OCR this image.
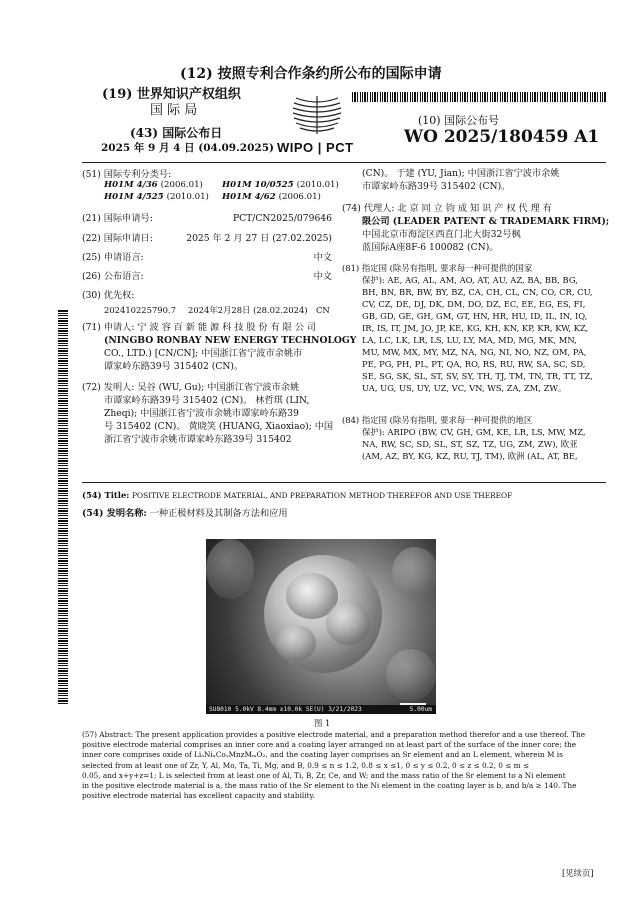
(12) 按照专利合作条约所公布的国际申请
(19) 世界知识产权组织
国 际 局
(43) 国际公布日
2025 年 9 月 4 日 (04.09.2025) WIPO | PCT
(10) 国际公布号
WO 2025/180459 A1
(51) 国际专利分类号:
H01M 4/36 (2006.01) H01M 10/0525 (2010.01)
H01M 4/525 (2010.01) H01M 4/62 (2006.01)
(21) 国际申请号:	PCT/CN2025/079646
(22) 国际申请日:	2025 年 2 月 27 日 (27.02.2025)
(25) 申请语言:	中文
(26) 公布语言:	中文
(30) 优先权:
202410225790.7 2024年2月28日 (28.02.2024) CN
(71) 申请人: 宁 波 容 百 新 能 源 科 技 股 份 有 限 公 司
(NINGBO RONBAY NEW ENERGY TECHNOLOGY
CO., LTD.) [CN/CN]; 中国浙江省宁波市余姚市
谭家岭东路39号 315402 (CN)。
(72) 发明人: 吴谷 (WU, Gu); 中国浙江省宁波市余姚
市谭家岭东路39号 315402 (CN)。 林哲琪 (LIN,
Zheqi); 中国浙江省宁波市余姚市谭家岭东路39
号 315402 (CN)。 黄晓笑 (HUANG, Xiaoxiao); 中国
浙江省宁波市余姚市谭家岭东路39号 315402
(CN)。 于建 (YU, Jian); 中国浙江省宁波市余姚
市谭家岭东路39号 315402 (CN)。
(74) 代理人: 北 京 同 立 钧 成 知 识 产 权 代 理 有
限公司 (LEADER PATENT & TRADEMARK FIRM);
中国北京市海淀区西直门北大街32号枫
蓝国际A座8F-6 100082 (CN)。
(81) 指定国 (除另有指明, 要求每一种可提供的国家
保护): AE, AG, AL, AM, AO, AT, AU, AZ, BA, BB, BG,
BH, BN, BR, BW, BY, BZ, CA, CH, CL, CN, CO, CR, CU,
CV, CZ, DE, DJ, DK, DM, DO, DZ, EC, EE, EG, ES, FI,
GB, GD, GE, GH, GM, GT, HN, HR, HU, ID, IL, IN, IQ,
IR, IS, IT, JM, JO, JP, KE, KG, KH, KN, KP, KR, KW, KZ,
LA, LC, LK, LR, LS, LU, LY, MA, MD, MG, MK, MN,
MU, MW, MX, MY, MZ, NA, NG, NI, NO, NZ, OM, PA,
PE, PG, PH, PL, PT, QA, RO, RS, RU, RW, SA, SC, SD,
SE, SG, SK, SL, ST, SV, SY, TH, TJ, TM, TN, TR, TT, TZ,
UA, UG, US, UY, UZ, VC, VN, WS, ZA, ZM, ZW。
(84) 指定国 (除另有指明, 要求每一种可提供的地区
保护): ARIPO (BW, CV, GH, GM, KE, LR, LS, MW, MZ,
NA, RW, SC, SD, SL, ST, SZ, TZ, UG, ZM, ZW), 欧亚
(AM, AZ, BY, KG, KZ, RU, TJ, TM), 欧洲 (AL, AT, BE,
(54) Title: POSITIVE ELECTRODE MATERIAL, AND PREPARATION METHOD THEREFOR AND USE THEREOF
(54) 发明名称: 一种正极材料及其制备方法和应用
SU8010 5.0kV 8.4mm x10.0k SE(U) 3/21/2023	5.00um
图 1
(57) Abstract: The present application provides a positive electrode material, and a preparation method therefor and a use thereof. The
positive electrode material comprises an inner core and a coating layer arranged on at least part of the surface of the inner core; the
inner core comprises oxide of LiₐNiₓCoᵧMnzMₘO₂, and the coating layer comprises an Sr element and an L element, wherein M is
selected from at least one of Zr, Y, Al, Mo, Ta, Ti, Mg, and B, 0.9 ≤ n ≤ 1.2, 0.8 ≤ x ≤1, 0 ≤ y ≤ 0.2, 0 ≤ z ≤ 0.2, 0 ≤ m ≤
0.05, and x+y+z=1; L is selected from at least one of Al, Ti, B, Zr, Ce, and W; and the mass ratio of the Sr element to a Ni element
in the positive electrode material is a, the mass ratio of the Sr element to the Ni element in the coating layer is b, and b/a ≥ 140. The
positive electrode material has excellent capacity and stability.
[见续页]
